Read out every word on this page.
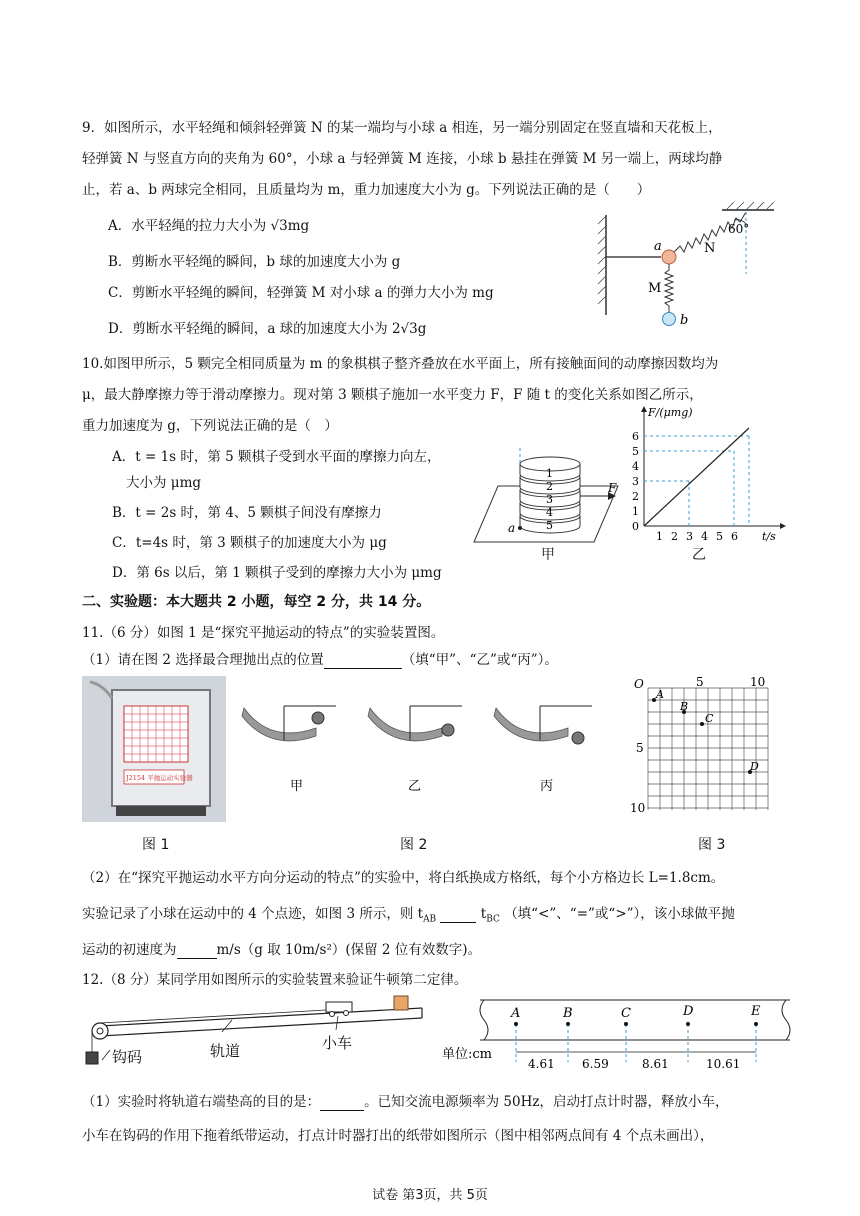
9．如图所示，水平轻绳和倾斜轻弹簧 N 的某一端均与小球 a 相连，另一端分别固定在竖直墙和天花板上，
轻弹簧 N 与竖直方向的夹角为 60°，小球 a 与轻弹簧 M 连接，小球 b 悬挂在弹簧 M 另一端上，两球均静
止，若 a、b 两球完全相同，且质量均为 m，重力加速度大小为 g。下列说法正确的是（　　）
A．水平轻绳的拉力大小为 √3mg
B．剪断水平轻绳的瞬间，b 球的加速度大小为 g
C．剪断水平轻绳的瞬间，轻弹簧 M 对小球 a 的弹力大小为 mg
D．剪断水平轻绳的瞬间，a 球的加速度大小为 2√3g
60°
N
a
M
b
10.如图甲所示，5 颗完全相同质量为 m 的象棋棋子整齐叠放在水平面上，所有接触面间的动摩擦因数均为
μ，最大静摩擦力等于滑动摩擦力。现对第 3 颗棋子施加一水平变力 F，F 随 t 的变化关系如图乙所示，
重力加速度为 g，下列说法正确的是（　）
A．t = 1s 时，第 5 颗棋子受到水平面的摩擦力向左，
大小为 μmg
B．t = 2s 时，第 4、5 颗棋子间没有摩擦力
C．t=4s 时，第 3 颗棋子的加速度大小为 μg
D．第 6s 以后，第 1 颗棋子受到的摩擦力大小为 μmg
1
2
3
4
5
F
a
甲
F/(μmg)
t/s
0
1 2 3 4 5 6
1
2
3
4
5
6
乙
二、实验题：本大题共 2 小题，每空 2 分，共 14 分。
11.（6 分）如图 1 是“探究平抛运动的特点”的实验装置图。
（1）请在图 2 选择最合理抛出点的位置	（填“甲”、“乙”或“丙”）。
J2154 平抛运动实验器
图 1
甲	乙	丙
图 2
O	5	10
5
10
A
B
C
D
图 3
（2）在“探究平抛运动水平方向分运动的特点”的实验中，将白纸换成方格纸，每个小方格边长 L=1.8cm。
实验记录了小球在运动中的 4 个点迹，如图 3 所示，则 $t_{AB}$	$t_{BC}$ （填“<”、“=”或“>”），该小球做平抛
运动的初速度为	m/s（g 取 10m/s²）(保留 2 位有效数字)。
12.（8 分）某同学用如图所示的实验装置来验证牛顿第二定律。
钩码	轨道	小车
A	B	C	D	E
单位:cm
4.61 6.59	8.61	10.61
（1）实验时将轨道右端垫高的目的是：	。已知交流电源频率为 50Hz，启动打点计时器，释放小车，
小车在钩码的作用下拖着纸带运动，打点计时器打出的纸带如图所示（图中相邻两点间有 4 个点未画出），
试卷 第3页，共 5页
